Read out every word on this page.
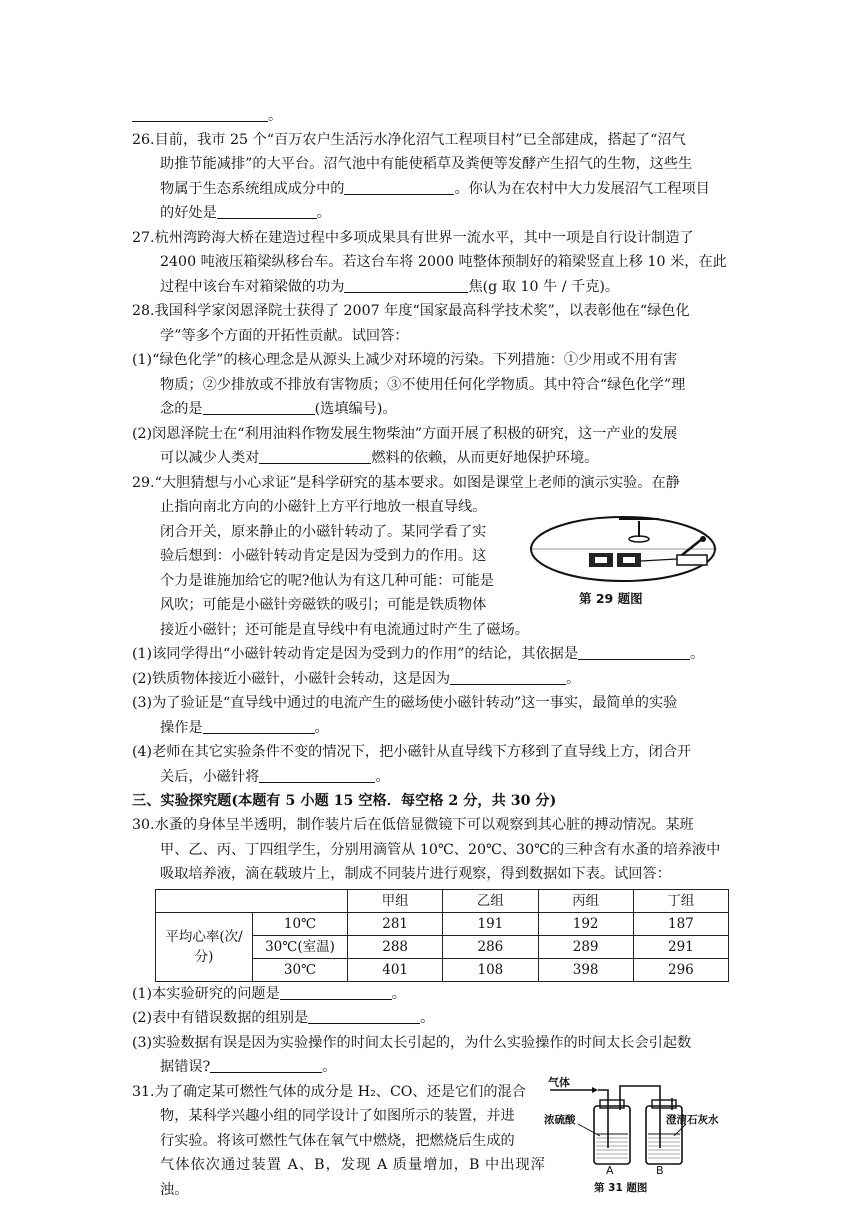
。
26.目前，我市 25 个“百万农户生活污水净化沼气工程项目村”已全部建成，搭起了“沼气
助推节能减排”的大平台。沼气池中有能使稻草及粪便等发酵产生招气的生物，这些生
物属于生态系统组成成分中的	。你认为在农村中大力发展沼气工程项目
的好处是	。
27.杭州湾跨海大桥在建造过程中多项成果具有世界一流水平，其中一项是自行设计制造了
2400 吨液压箱梁纵移台车。若这台车将 2000 吨整体预制好的箱梁竖直上移 10 米，在此
过程中该台车对箱梁做的功为	焦(g 取 10 牛 / 千克)。
28.我国科学家闵恩泽院士获得了 2007 年度“国家最高科学技术奖”，以表彰他在“绿色化
学”等多个方面的开拓性贡献。试回答：
(1)“绿色化学”的核心理念是从源头上减少对环境的污染。下列措施：①少用或不用有害
物质；②少排放或不排放有害物质；③不使用任何化学物质。其中符合“绿色化学”理
念的是	(选填编号)。
(2)闵恩泽院士在“利用油料作物发展生物柴油”方面开展了积极的研究，这一产业的发展
可以减少人类对	燃料的依赖，从而更好地保护环境。
29.“大胆猜想与小心求证”是科学研究的基本要求。如图是课堂上老师的演示实验。在静
止指向南北方向的小磁针上方平行地放一根直导线。
闭合开关，原来静止的小磁针转动了。某同学看了实
验后想到：小磁针转动肯定是因为受到力的作用。这
个力是谁施加给它的呢?他认为有这几种可能：可能是
风吹；可能是小磁针旁磁铁的吸引；可能是铁质物体
接近小磁针；还可能是直导线中有电流通过时产生了磁场。
第 29 题图
(1)该同学得出“小磁针转动肯定是因为受到力的作用”的结论，其依据是	。
(2)铁质物体接近小磁针，小磁针会转动，这是因为	。
(3)为了验证是“直导线中通过的电流产生的磁场使小磁针转动”这一事实，最简单的实验
操作是	。
(4)老师在其它实验条件不变的情况下，把小磁针从直导线下方移到了直导线上方，闭合开
关后，小磁针将	。
三、实验探究题(本题有 5 小题 15 空格．每空格 2 分，共 30 分)
30.水蚤的身体呈半透明，制作装片后在低倍显微镜下可以观察到其心脏的搏动情况。某班
甲、乙、丙、丁四组学生，分别用滴管从 10℃、20℃、30℃的三种含有水蚤的培养液中
吸取培养液，滴在载玻片上，制成不同装片进行观察，得到数据如下表。试回答：
		甲组	乙组	丙组	丁组
平均心率(次/分)	10℃	281	191	192	187
	30℃(室温)	288	286	289	291
	30℃	401	108	398	296
(1)本实验研究的问题是	。
(2)表中有错误数据的组别是	。
(3)实验数据有误是因为实验操作的时间太长引起的，为什么实验操作的时间太长会引起数
据错误?	。
31.为了确定某可燃性气体的成分是 H₂、CO、还是它们的混合
物，某科学兴趣小组的同学设计了如图所示的装置，并进
行实验。将该可燃性气体在氧气中燃烧，把燃烧后生成的
气体依次通过装置 A、B，发现 A 质量增加，B 中出现浑浊。
气体
浓硫酸	澄清石灰水
A	B
第 31 题图
